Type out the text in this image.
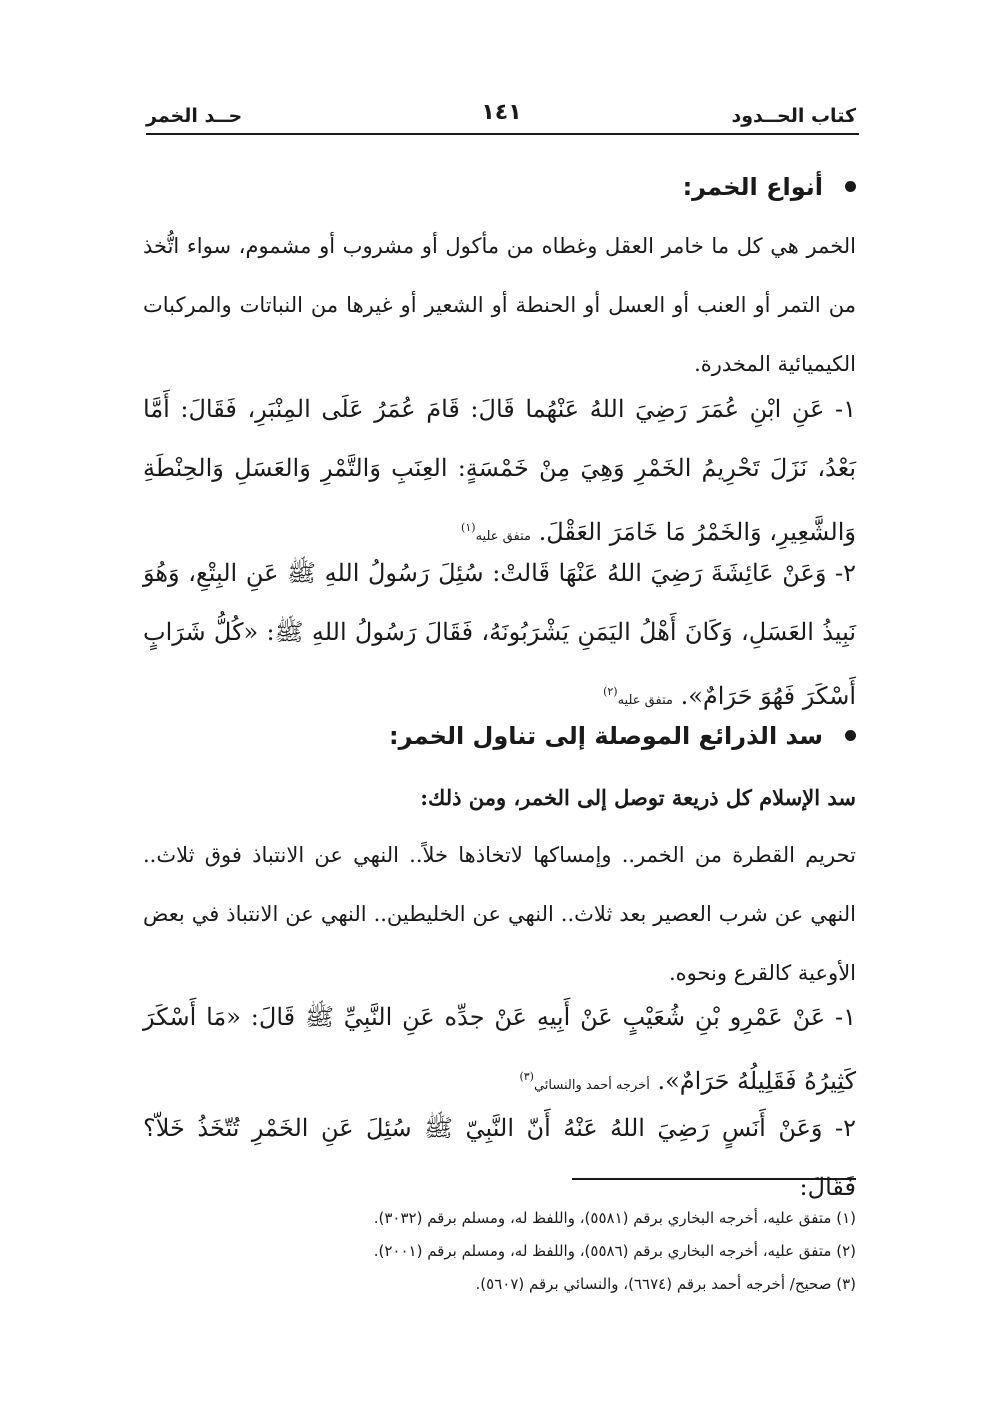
كتاب الحــدود
١٤١
حــد الخمر
أنواع الخمر:
الخمر هي كل ما خامر العقل وغطاه من مأكول أو مشروب أو مشموم، سواء اتُّخذ من التمر أو العنب أو العسل أو الحنطة أو الشعير أو غيرها من النباتات والمركبات الكيميائية المخدرة.
١- عَنِ ابْنِ عُمَرَ رَضِيَ اللهُ عَنْهُما قَالَ: قَامَ عُمَرُ عَلَى المِنْبَرِ، فَقَالَ: أَمَّا بَعْدُ، نَزَلَ تَحْرِيمُ الخَمْرِ وَهِيَ مِنْ خَمْسَةٍ: العِنَبِ وَالتَّمْرِ وَالعَسَلِ وَالحِنْطَةِ وَالشَّعِيرِ، وَالخَمْرُ مَا خَامَرَ العَقْلَ. متفق عليه$^{(١)}$
٢- وَعَنْ عَائِشَةَ رَضِيَ اللهُ عَنْهَا قَالتْ: سُئِلَ رَسُولُ اللهِ ﷺ عَنِ البِتْعِ، وَهُوَ نَبِيذُ العَسَلِ، وَكَانَ أَهْلُ اليَمَنِ يَشْرَبُونَهُ، فَقَالَ رَسُولُ اللهِ ﷺ: «كُلُّ شَرَابٍ أَسْكَرَ فَهُوَ حَرَامٌ». متفق عليه$^{(٢)}$
سد الذرائع الموصلة إلى تناول الخمر:
سد الإسلام كل ذريعة توصل إلى الخمر، ومن ذلك:
تحريم القطرة من الخمر.. وإمساكها لاتخاذها خلاً.. النهي عن الانتباذ فوق ثلاث.. النهي عن شرب العصير بعد ثلاث.. النهي عن الخليطين.. النهي عن الانتباذ في بعض الأوعية كالقرع ونحوه.
١- عَنْ عَمْرِو بْنِ شُعَيْبٍ عَنْ أَبِيهِ عَنْ جدِّه عَنِ النَّبِيِّ ﷺ قَالَ: «مَا أَسْكَرَ كَثِيرُهُ فَقَلِيلُهُ حَرَامٌ». أخرجه أحمد والنسائي$^{(٣)}$
٢- وَعَنْ أَنَسٍ رَضِيَ اللهُ عَنْهُ أَنّ النَّبِيّ ﷺ سُئِلَ عَنِ الخَمْرِ تُتّخَذُ خَلاّ؟ فَقَالَ:
(١) متفق عليه، أخرجه البخاري برقم (٥٥٨١)، واللفظ له، ومسلم برقم (٣٠٣٢).
(٢) متفق عليه، أخرجه البخاري برقم (٥٥٨٦)، واللفظ له، ومسلم برقم (٢٠٠١).
(٣) صحيح/ أخرجه أحمد برقم (٦٦٧٤)، والنسائي برقم (٥٦٠٧).
